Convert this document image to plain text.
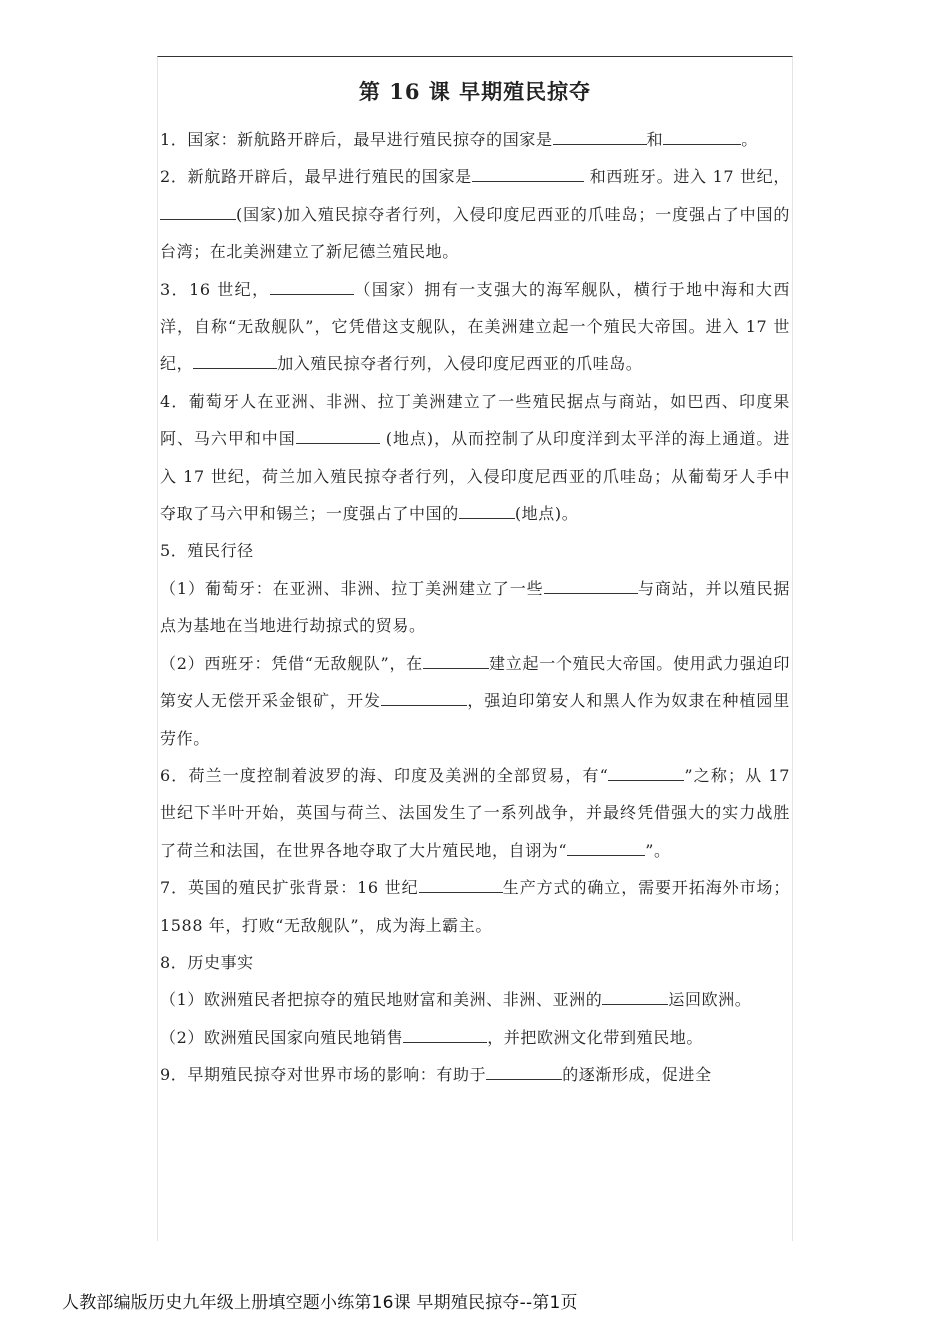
第 16 课 早期殖民掠夺

1．国家：新航路开辟后，最早进行殖民掠夺的国家是	和	。

2．新航路开辟后，最早进行殖民的国家是	和西班牙。进入 17 世纪，(国家)加入殖民掠夺者行列，入侵印度尼西亚的爪哇岛；一度强占了中国的台湾；在北美洲建立了新尼德兰殖民地。

3．16 世纪，	（国家）拥有一支强大的海军舰队，横行于地中海和大西洋，自称“无敌舰队”，它凭借这支舰队，在美洲建立起一个殖民大帝国。进入 17 世纪，	加入殖民掠夺者行列，入侵印度尼西亚的爪哇岛。

4．葡萄牙人在亚洲、非洲、拉丁美洲建立了一些殖民据点与商站，如巴西、印度果阿、马六甲和中国	(地点)，从而控制了从印度洋到太平洋的海上通道。进入 17 世纪，荷兰加入殖民掠夺者行列，入侵印度尼西亚的爪哇岛；从葡萄牙人手中夺取了马六甲和锡兰；一度强占了中国的	(地点)。

5．殖民行径

（1）葡萄牙：在亚洲、非洲、拉丁美洲建立了一些	与商站，并以殖民据点为基地在当地进行劫掠式的贸易。

（2）西班牙：凭借“无敌舰队”，在	建立起一个殖民大帝国。使用武力强迫印第安人无偿开采金银矿，开发	，强迫印第安人和黑人作为奴隶在种植园里劳作。

6．荷兰一度控制着波罗的海、印度及美洲的全部贸易，有“	”之称；从 17 世纪下半叶开始，英国与荷兰、法国发生了一系列战争，并最终凭借强大的实力战胜了荷兰和法国，在世界各地夺取了大片殖民地，自诩为“	”。

7．英国的殖民扩张背景：16 世纪	生产方式的确立，需要开拓海外市场；1588 年，打败“无敌舰队”，成为海上霸主。

8．历史事实

（1）欧洲殖民者把掠夺的殖民地财富和美洲、非洲、亚洲的	运回欧洲。

（2）欧洲殖民国家向殖民地销售	，并把欧洲文化带到殖民地。

9．早期殖民掠夺对世界市场的影响：有助于	的逐渐形成，促进全

人教部编版历史九年级上册填空题小练第16课 早期殖民掠夺--第1页
